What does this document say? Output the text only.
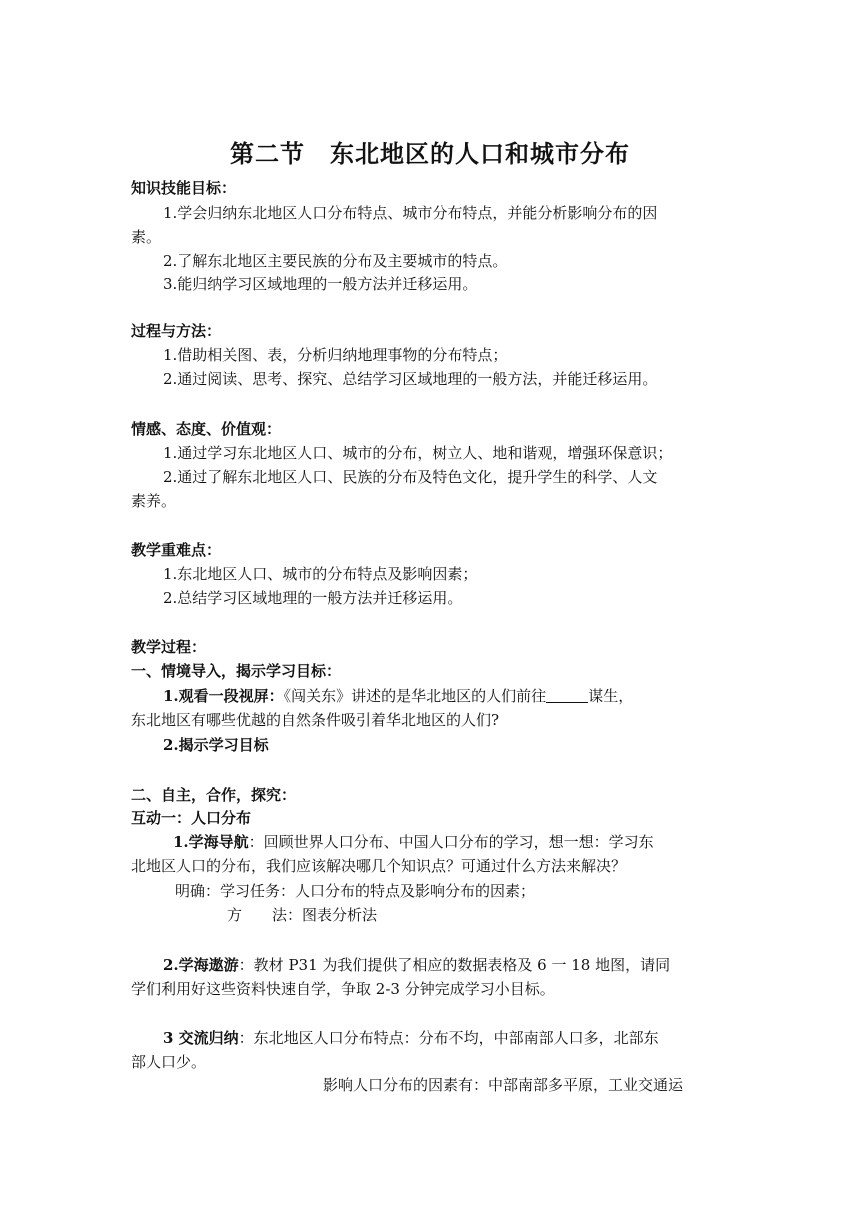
第二节　东北地区的人口和城市分布
知识技能目标：
1.学会归纳东北地区人口分布特点、城市分布特点，并能分析影响分布的因
素。
2.了解东北地区主要民族的分布及主要城市的特点。
3.能归纳学习区域地理的一般方法并迁移运用。
过程与方法：
1.借助相关图、表，分析归纳地理事物的分布特点；
2.通过阅读、思考、探究、总结学习区域地理的一般方法，并能迁移运用。
情感、态度、价值观：
1.通过学习东北地区人口、城市的分布，树立人、地和谐观，增强环保意识；
2.通过了解东北地区人口、民族的分布及特色文化，提升学生的科学、人文
素养。
教学重难点：
1.东北地区人口、城市的分布特点及影响因素；
2.总结学习区域地理的一般方法并迁移运用。
教学过程：
一、情境导入，揭示学习目标：
1.观看一段视屏：《闯关东》讲述的是华北地区的人们前往	谋生，
东北地区有哪些优越的自然条件吸引着华北地区的人们?
2.揭示学习目标
二、自主，合作，探究：
互动一：人口分布
1.学海导航：回顾世界人口分布、中国人口分布的学习，想一想：学习东
北地区人口的分布，我们应该解决哪几个知识点？可通过什么方法来解决？
明确：学习任务：人口分布的特点及影响分布的因素；
方　　法：图表分析法
2.学海遨游：教材 P31 为我们提供了相应的数据表格及 6 一 18 地图，请同
学们利用好这些资料快速自学，争取 2-3 分钟完成学习小目标。
3 交流归纳：东北地区人口分布特点：分布不均，中部南部人口多，北部东
部人口少。
影响人口分布的因素有：中部南部多平原，工业交通运
